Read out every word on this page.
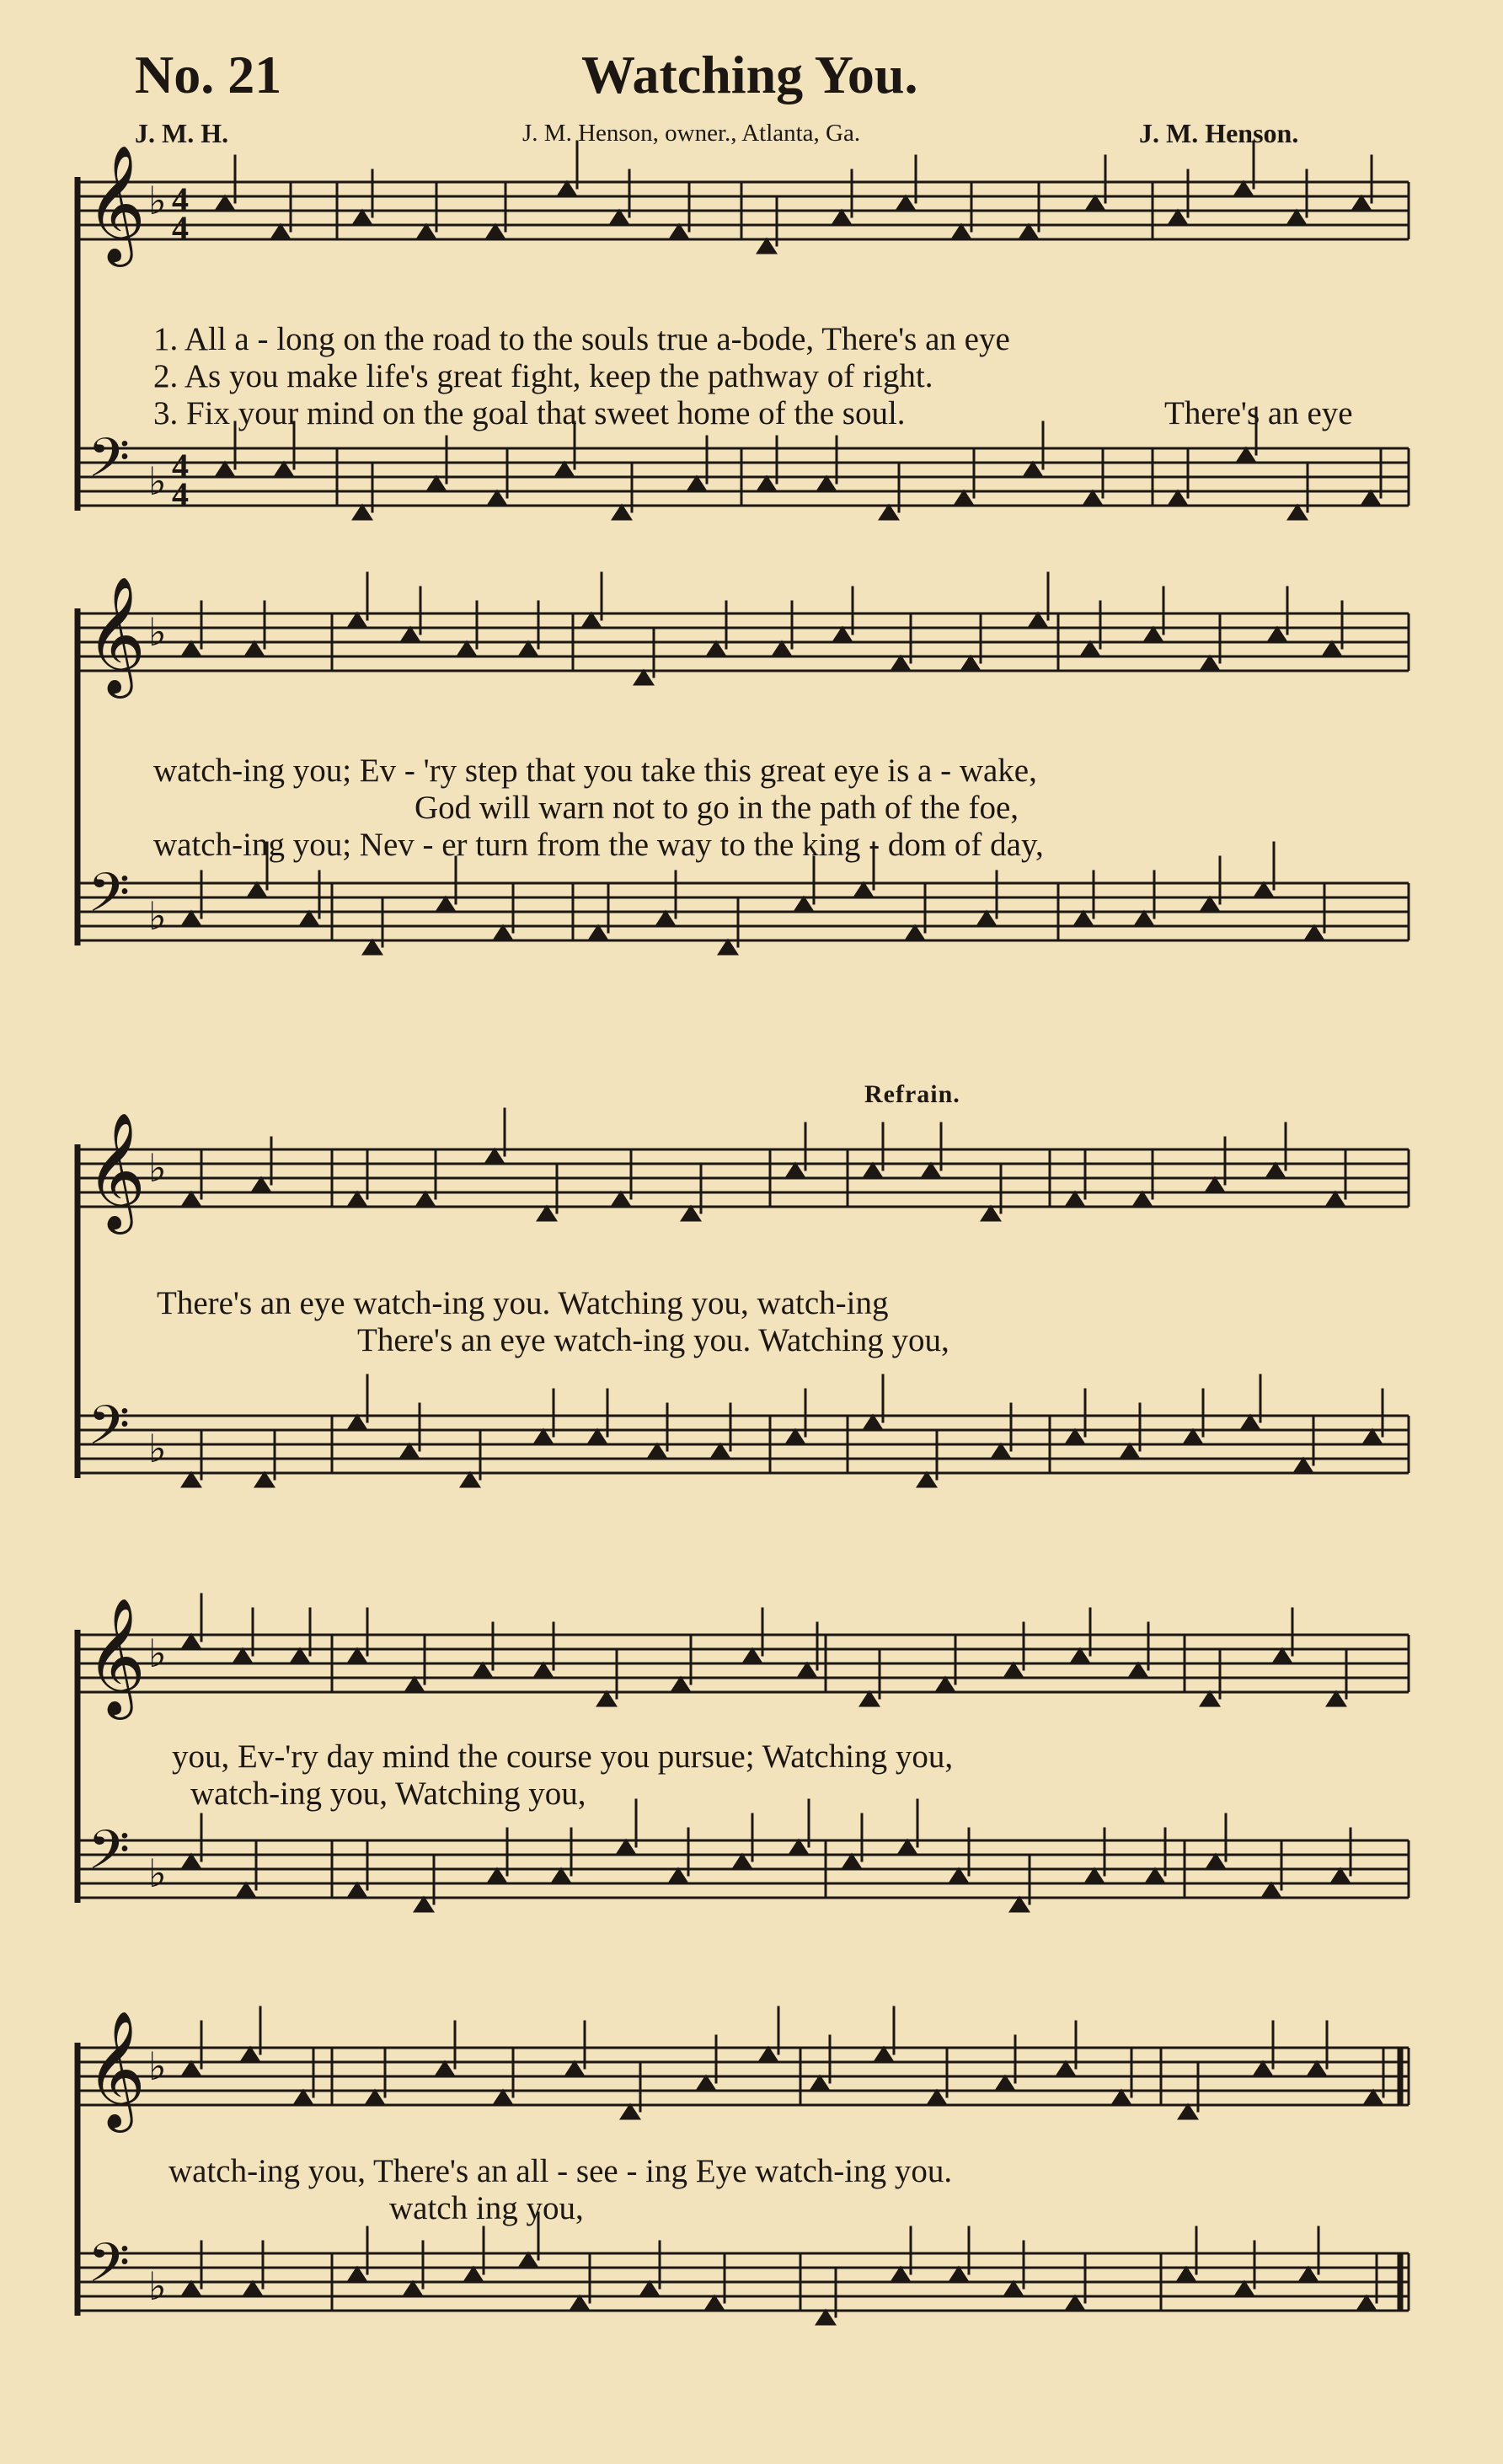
No. 21	Watching You.
J. M. H.	J. M. Henson, owner., Atlanta, Ga.	J. M. Henson.
𝄞 ♭ 4
4
𝄢 ♭ 4
4
𝄞 ♭
𝄢 ♭
𝄞 ♭
𝄢 ♭
𝄞 ♭
𝄢 ♭
𝄞 ♭
𝄢 ♭
1. All a - long on the road to the souls true a-bode, There's an eye
2. As you make life's great fight, keep the pathway of right.
3. Fix your mind on the goal that sweet home of the soul.	There's an eye
watch-ing you; Ev - 'ry step that you take this great eye is a - wake,
God will warn not to go in the path of the foe,
watch-ing you; Nev - er turn from the way to the king - dom of day,
Refrain.
There's an eye watch-ing you. Watching you, watch-ing
There's an eye watch-ing you. Watching you,
you, Ev-'ry day mind the course you pursue; Watching you,
watch-ing you, Watching you,
watch-ing you, There's an all - see - ing Eye watch-ing you.
watch ing you,
